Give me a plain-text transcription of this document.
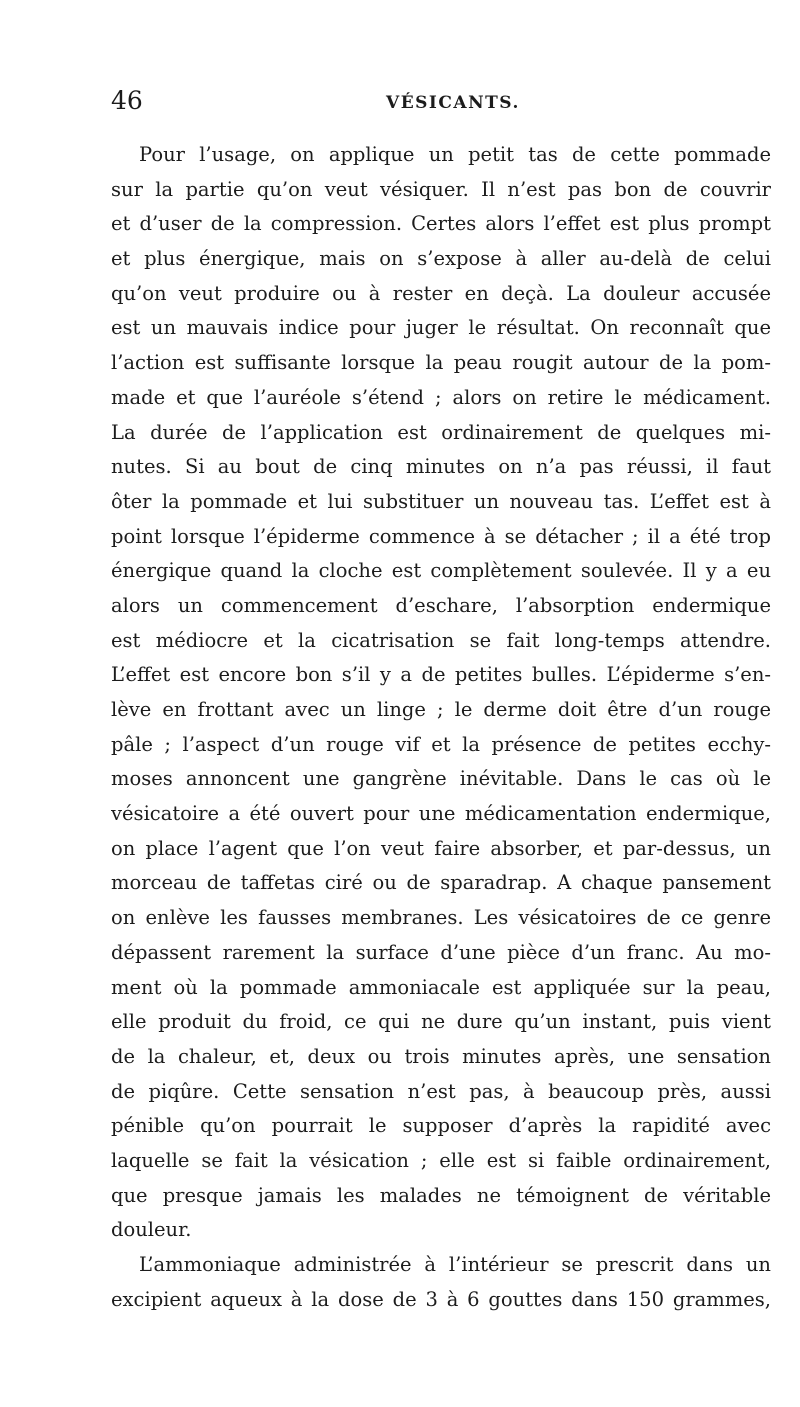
46	VÉSICANTS.
Pour l’usage, on applique un petit tas de cette pommade
sur la partie qu’on veut vésiquer. Il n’est pas bon de couvrir
et d’user de la compression. Certes alors l’effet est plus prompt
et plus énergique, mais on s’expose à aller au-delà de celui
qu’on veut produire ou à rester en deçà. La douleur accusée
est un mauvais indice pour juger le résultat. On reconnaît que
l’action est suffisante lorsque la peau rougit autour de la pom-
made et que l’auréole s’étend ; alors on retire le médicament.
La durée de l’application est ordinairement de quelques mi-
nutes. Si au bout de cinq minutes on n’a pas réussi, il faut
ôter la pommade et lui substituer un nouveau tas. L’effet est à
point lorsque l’épiderme commence à se détacher ; il a été trop
énergique quand la cloche est complètement soulevée. Il y a eu
alors un commencement d’eschare, l’absorption endermique
est médiocre et la cicatrisation se fait long-temps attendre.
L’effet est encore bon s’il y a de petites bulles. L’épiderme s’en-
lève en frottant avec un linge ; le derme doit être d’un rouge
pâle ; l’aspect d’un rouge vif et la présence de petites ecchy-
moses annoncent une gangrène inévitable. Dans le cas où le
vésicatoire a été ouvert pour une médicamentation endermique,
on place l’agent que l’on veut faire absorber, et par-dessus, un
morceau de taffetas ciré ou de sparadrap. A chaque pansement
on enlève les fausses membranes. Les vésicatoires de ce genre
dépassent rarement la surface d’une pièce d’un franc. Au mo-
ment où la pommade ammoniacale est appliquée sur la peau,
elle produit du froid, ce qui ne dure qu’un instant, puis vient
de la chaleur, et, deux ou trois minutes après, une sensation
de piqûre. Cette sensation n’est pas, à beaucoup près, aussi
pénible qu’on pourrait le supposer d’après la rapidité avec
laquelle se fait la vésication ; elle est si faible ordinairement,
que presque jamais les malades ne témoignent de véritable
douleur.
L’ammoniaque administrée à l’intérieur se prescrit dans un
excipient aqueux à la dose de 3 à 6 gouttes dans 150 grammes,
